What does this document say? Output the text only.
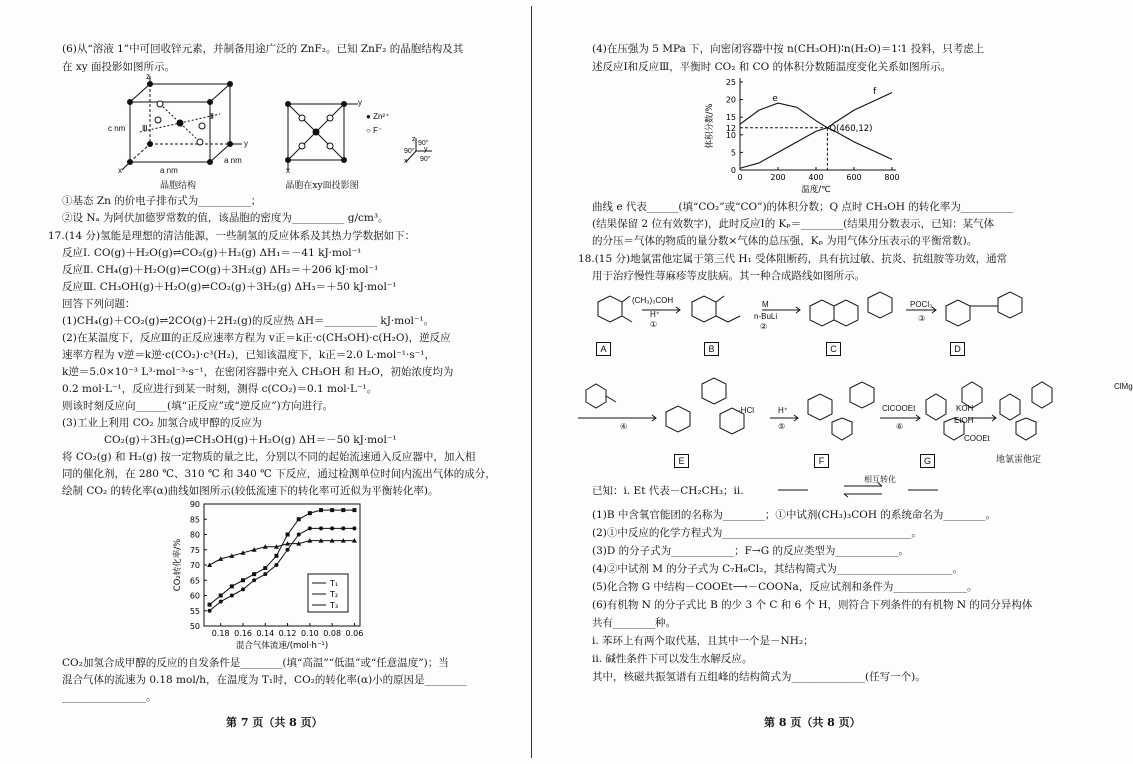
(6)从“溶液 1”中可回收锌元素，并制备用途广泛的 ZnF₂。已知 ZnF₂ 的晶胞结构及其
在 xy 面投影如图所示。
z
y
x
c nm
a nm
a nm
Ⅰ
Ⅱ
Ⅲ
晶胞结构
y
x
● Zn²⁺
○ F⁻
晶胞在xy面投影图
z
y
x
90°
90°
90°
①基态 Zn 的价电子排布式为__________；
②设 Nₐ 为阿伏加德罗常数的值，该晶胞的密度为__________ g/cm³。
17.(14 分)氢能是理想的清洁能源，一些制氢的反应体系及其热力学数据如下：
反应Ⅰ. CO(g)＋H₂O(g)⇌CO₂(g)＋H₂(g) ΔH₁＝－41 kJ·mol⁻¹
反应Ⅱ. CH₄(g)＋H₂O(g)⇌CO(g)＋3H₂(g) ΔH₂＝＋206 kJ·mol⁻¹
反应Ⅲ. CH₃OH(g)＋H₂O(g)⇌CO₂(g)＋3H₂(g) ΔH₃＝＋50 kJ·mol⁻¹
回答下列问题：
(1)CH₄(g)＋CO₂(g)⇌2CO(g)＋2H₂(g)的反应热 ΔH＝__________ kJ·mol⁻¹。
(2)在某温度下，反应Ⅲ的正反应速率方程为 v正＝k正·c(CH₃OH)·c(H₂O)，逆反应
速率方程为 v逆＝k逆·c(CO₂)·c³(H₂)，已知该温度下，k正＝2.0 L·mol⁻¹·s⁻¹，
k逆＝5.0×10⁻³ L³·mol⁻³·s⁻¹，在密闭容器中充入 CH₃OH 和 H₂O，初始浓度均为
0.2 mol·L⁻¹，反应进行到某一时刻，测得 c(CO₂)＝0.1 mol·L⁻¹。
则该时刻反应向______(填“正反应”或“逆反应”)方向进行。
(3)工业上利用 CO₂ 加氢合成甲醇的反应为
CO₂(g)＋3H₂(g)⇌CH₃OH(g)＋H₂O(g) ΔH＝－50 kJ·mol⁻¹
将 CO₂(g) 和 H₂(g) 按一定物质的量之比，分别以不同的起始流速通入反应器中，加入相
同的催化剂，在 280 ℃、310 ℃ 和 340 ℃ 下反应，通过检测单位时间内流出气体的成分，
绘制 CO₂ 的转化率(α)曲线如图所示(较低流速下的转化率可近似为平衡转化率)。
50
55
60
65
70
75
80
85
90
0.18 0.16 0.14 0.12 0.10 0.08 0.06
混合气体流速/(mol·h⁻¹)
CO₂转化率/%	T₁
T₂
T₃
CO₂加氢合成甲醇的反应的自发条件是________(填“高温”“低温”或“任意温度”)；当
混合气体的流速为 0.18 mol/h，在温度为 T₁时，CO₂的转化率(α)小的原因是________
________________。
第 7 页（共 8 页）
(4)在压强为 5 MPa 下，向密闭容器中按 n(CH₃OH)∶n(H₂O)＝1∶1 投料，只考虑上
述反应Ⅰ和反应Ⅲ，平衡时 CO₂ 和 CO 的体积分数随温度变化关系如图所示。
0
5
10
15
20
25
0	200	400	600	800
温度/℃
体积分数/%
e
f
Q(460,12)
12
曲线 e 代表______(填“CO₂”或“CO”)的体积分数；Q 点时 CH₃OH 的转化率为__________
(结果保留 2 位有效数字)，此时反应Ⅰ的 Kₚ＝________(结果用分数表示，已知：某气体
的分压＝气体的物质的量分数×气体的总压强，Kₚ 为用气体分压表示的平衡常数)。
18.(15 分)地氯雷他定属于第三代 H₁ 受体阻断药，具有抗过敏、抗炎、抗组胺等功效，通常
用于治疗慢性荨麻疹等皮肤病。其一种合成路线如图所示。
(CH₃)₃COH
H⁺
①
M
n-BuLi
②
POCl₃
③
A	B	C	D
ClMg
④
·HCl	H⁺
⑤
ClCOOEt
⑥
COOEt
KOH
EtOH
E	F	G	地氯雷他定
已知：ⅰ. Et 代表－CH₂CH₃；ⅱ.
相互转化
(1)B 中含氧官能团的名称为________；①中试剂(CH₃)₃COH 的系统命名为________。
(2)①中反应的化学方程式为____________________________________。
(3)D 的分子式为____________；F→G 的反应类型为____________。
(4)②中试剂 M 的分子式为 C₇H₆Cl₂，其结构简式为______________________。
(5)化合物 G 中结构－COOEt⟶－COONa，反应试剂和条件为______________。
(6)有机物 N 的分子式比 B 的少 3 个 C 和 6 个 H，则符合下列条件的有机物 N 的同分异构体
共有________种。
ⅰ. 苯环上有两个取代基，且其中一个是－NH₂；
ⅱ. 碱性条件下可以发生水解反应。
其中，核磁共振氢谱有五组峰的结构简式为______________(任写一个)。
第 8 页（共 8 页）
